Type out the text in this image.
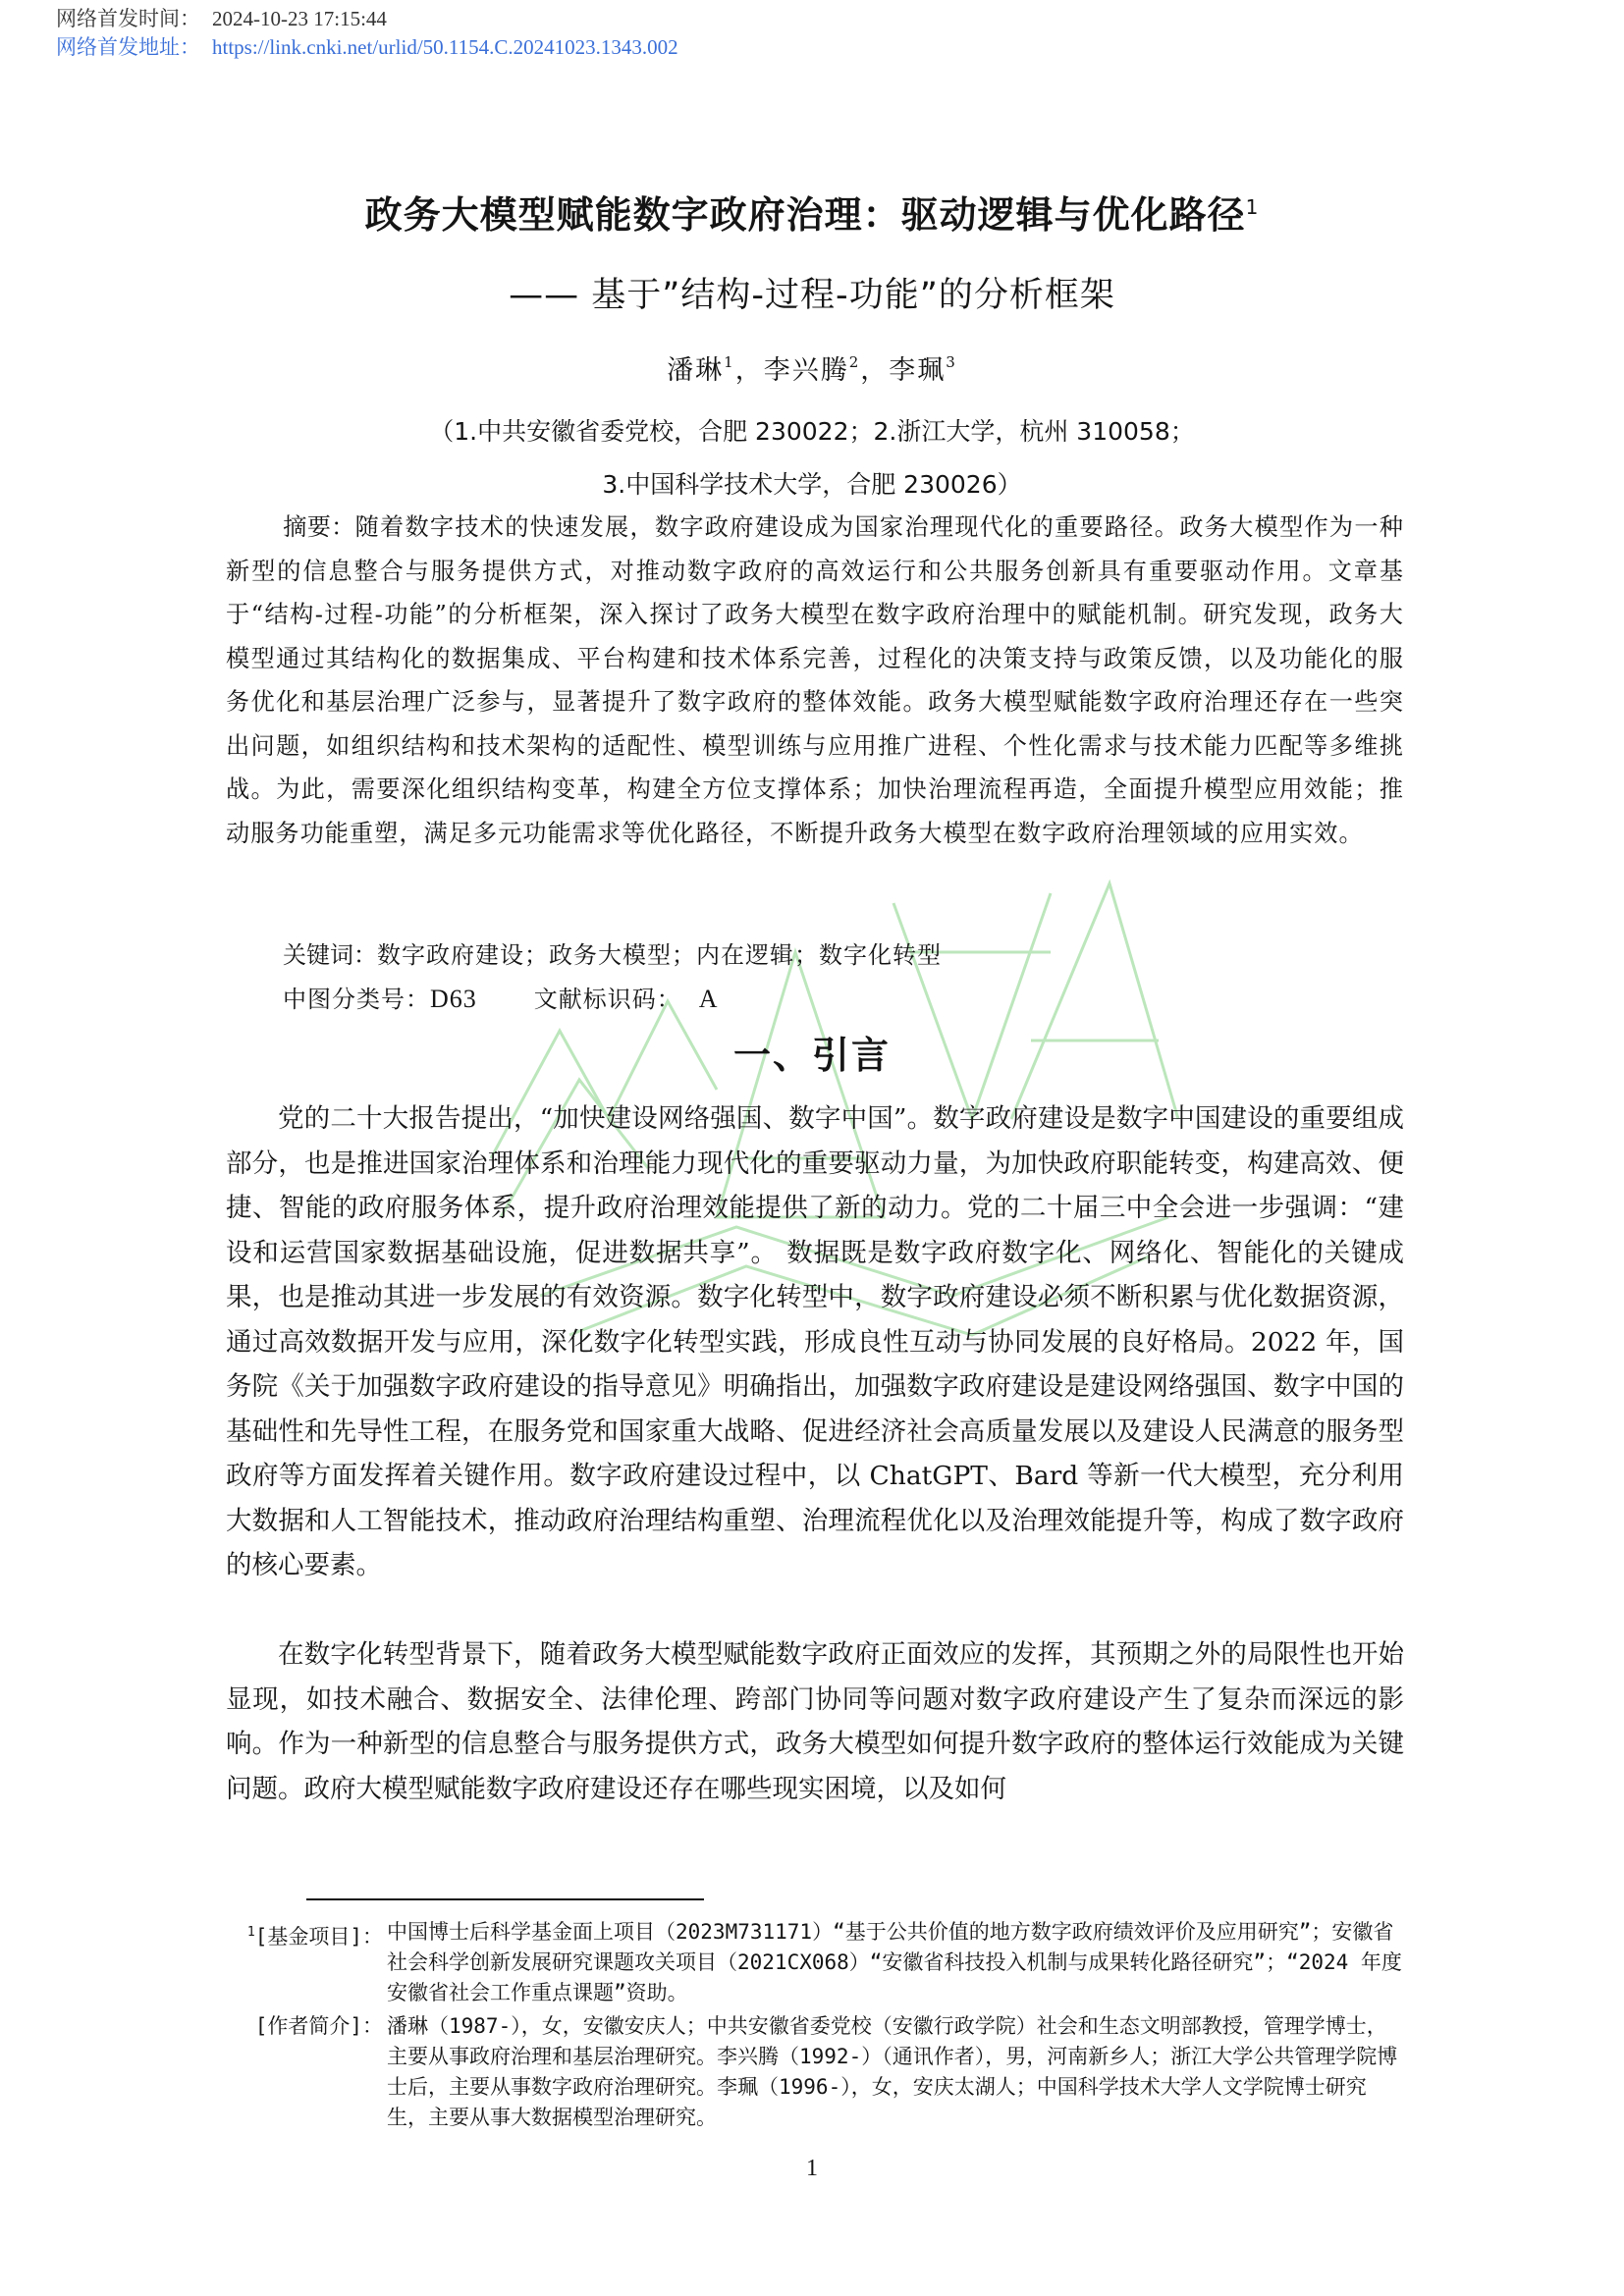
网络首发时间： 2024-10-23 17:15:44
网络首发地址： https://link.cnki.net/urlid/50.1154.C.20241023.1343.002
政务大模型赋能数字政府治理：驱动逻辑与优化路径$^1$
—— 基于”结构-过程-功能”的分析框架
潘琳$^1$，李兴腾$^2$，李珮$^3$
（1.中共安徽省委党校，合肥 230022；2.浙江大学，杭州 310058；
3.中国科学技术大学，合肥 230026）
摘要：随着数字技术的快速发展，数字政府建设成为国家治理现代化的重要路径。政务大模型作为一种新型的信息整合与服务提供方式，对推动数字政府的高效运行和公共服务创新具有重要驱动作用。文章基于“结构-过程-功能”的分析框架，深入探讨了政务大模型在数字政府治理中的赋能机制。研究发现，政务大模型通过其结构化的数据集成、平台构建和技术体系完善，过程化的决策支持与政策反馈，以及功能化的服务优化和基层治理广泛参与，显著提升了数字政府的整体效能。政务大模型赋能数字政府治理还存在一些突出问题，如组织结构和技术架构的适配性、模型训练与应用推广进程、个性化需求与技术能力匹配等多维挑战。为此，需要深化组织结构变革，构建全方位支撑体系；加快治理流程再造，全面提升模型应用效能；推动服务功能重塑，满足多元功能需求等优化路径，不断提升政务大模型在数字政府治理领域的应用实效。
关键词：数字政府建设；政务大模型；内在逻辑；数字化转型
中图分类号：D63 文献标识码： A
一、引言

党的二十大报告提出，“加快建设网络强国、数字中国”。数字政府建设是数字中国建设的重要组成部分，也是推进国家治理体系和治理能力现代化的重要驱动力量，为加快政府职能转变，构建高效、便捷、智能的政府服务体系，提升政府治理效能提供了新的动力。党的二十届三中全会进一步强调：“建设和运营国家数据基础设施，促进数据共享”。 数据既是数字政府数字化、网络化、智能化的关键成果，也是推动其进一步发展的有效资源。数字化转型中，数字政府建设必须不断积累与优化数据资源，通过高效数据开发与应用，深化数字化转型实践，形成良性互动与协同发展的良好格局。2022 年，国务院《关于加强数字政府建设的指导意见》明确指出，加强数字政府建设是建设网络强国、数字中国的基础性和先导性工程，在服务党和国家重大战略、促进经济社会高质量发展以及建设人民满意的服务型政府等方面发挥着关键作用。数字政府建设过程中，以 ChatGPT、Bard 等新一代大模型，充分利用大数据和人工智能技术，推动政府治理结构重塑、治理流程优化以及治理效能提升等，构成了数字政府的核心要素。

在数字化转型背景下，随着政务大模型赋能数字政府正面效应的发挥，其预期之外的局限性也开始显现，如技术融合、数据安全、法律伦理、跨部门协同等问题对数字政府建设产生了复杂而深远的影响。作为一种新型的信息整合与服务提供方式，政务大模型如何提升数字政府的整体运行效能成为关键问题。政府大模型赋能数字政府建设还存在哪些现实困境，以及如何

$^1$[基金项目]： 中国博士后科学基金面上项目（2023M731171）“基于公共价值的地方数字政府绩效评价及应用研究”；安徽省社会科学创新发展研究课题攻关项目（2021CX068）“安徽省科技投入机制与成果转化路径研究”；“2024 年度安徽省社会工作重点课题”资助。
[作者简介]： 潘琳（1987-），女，安徽安庆人；中共安徽省委党校（安徽行政学院）社会和生态文明部教授，管理学博士，主要从事政府治理和基层治理研究。李兴腾（1992-）（通讯作者），男，河南新乡人；浙江大学公共管理学院博士后，主要从事数字政府治理研究。李珮（1996-），女，安庆太湖人；中国科学技术大学人文学院博士研究生，主要从事大数据模型治理研究。
1
